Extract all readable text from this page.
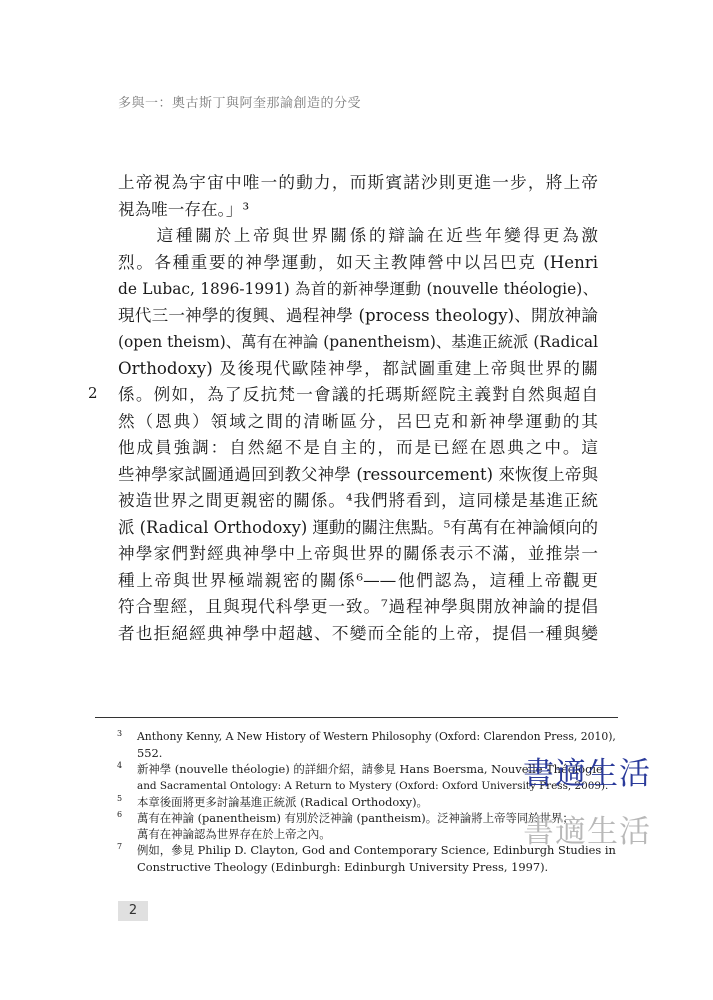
多與一：奧古斯丁與阿奎那論創造的分受
上帝視為宇宙中唯一的動力，而斯賓諾沙則更進一步，將上帝
視為唯一存在。」³
　　這種關於上帝與世界關係的辯論在近些年變得更為激
烈。各種重要的神學運動，如天主教陣營中以呂巴克 (Henri
de Lubac, 1896-1991) 為首的新神學運動 (nouvelle théologie)、
現代三一神學的復興、過程神學 (process theology)、開放神論
(open theism)、萬有在神論 (panentheism)、基進正統派 (Radical
Orthodoxy) 及後現代歐陸神學，都試圖重建上帝與世界的關
係。例如，為了反抗梵一會議的托瑪斯經院主義對自然與超自
然（恩典）領域之間的清晰區分，呂巴克和新神學運動的其
他成員強調：自然絕不是自主的，而是已經在恩典之中。這
些神學家試圖通過回到教父神學 (ressourcement) 來恢復上帝與
被造世界之間更親密的關係。⁴我們將看到，這同樣是基進正統
派 (Radical Orthodoxy) 運動的關注焦點。⁵有萬有在神論傾向的
神學家們對經典神學中上帝與世界的關係表示不滿，並推崇一
種上帝與世界極端親密的關係⁶——他們認為，這種上帝觀更
符合聖經，且與現代科學更一致。⁷過程神學與開放神論的提倡
者也拒絕經典神學中超越、不變而全能的上帝，提倡一種與變
2
3 Anthony Kenny, A New History of Western Philosophy (Oxford: Clarendon Press, 2010),
552.
4 新神學 (nouvelle théologie) 的詳細介紹，請參見 Hans Boersma, Nouvelle Théologie
and Sacramental Ontology: A Return to Mystery (Oxford: Oxford University Press, 2009).
5 本章後面將更多討論基進正統派 (Radical Orthodoxy)。
6 萬有在神論 (panentheism) 有別於泛神論 (pantheism)。泛神論將上帝等同於世界；
萬有在神論認為世界存在於上帝之內。
7 例如，參見 Philip D. Clayton, God and Contemporary Science, Edinburgh Studies in
Constructive Theology (Edinburgh: Edinburgh University Press, 1997).
2
書適生活
書適生活
